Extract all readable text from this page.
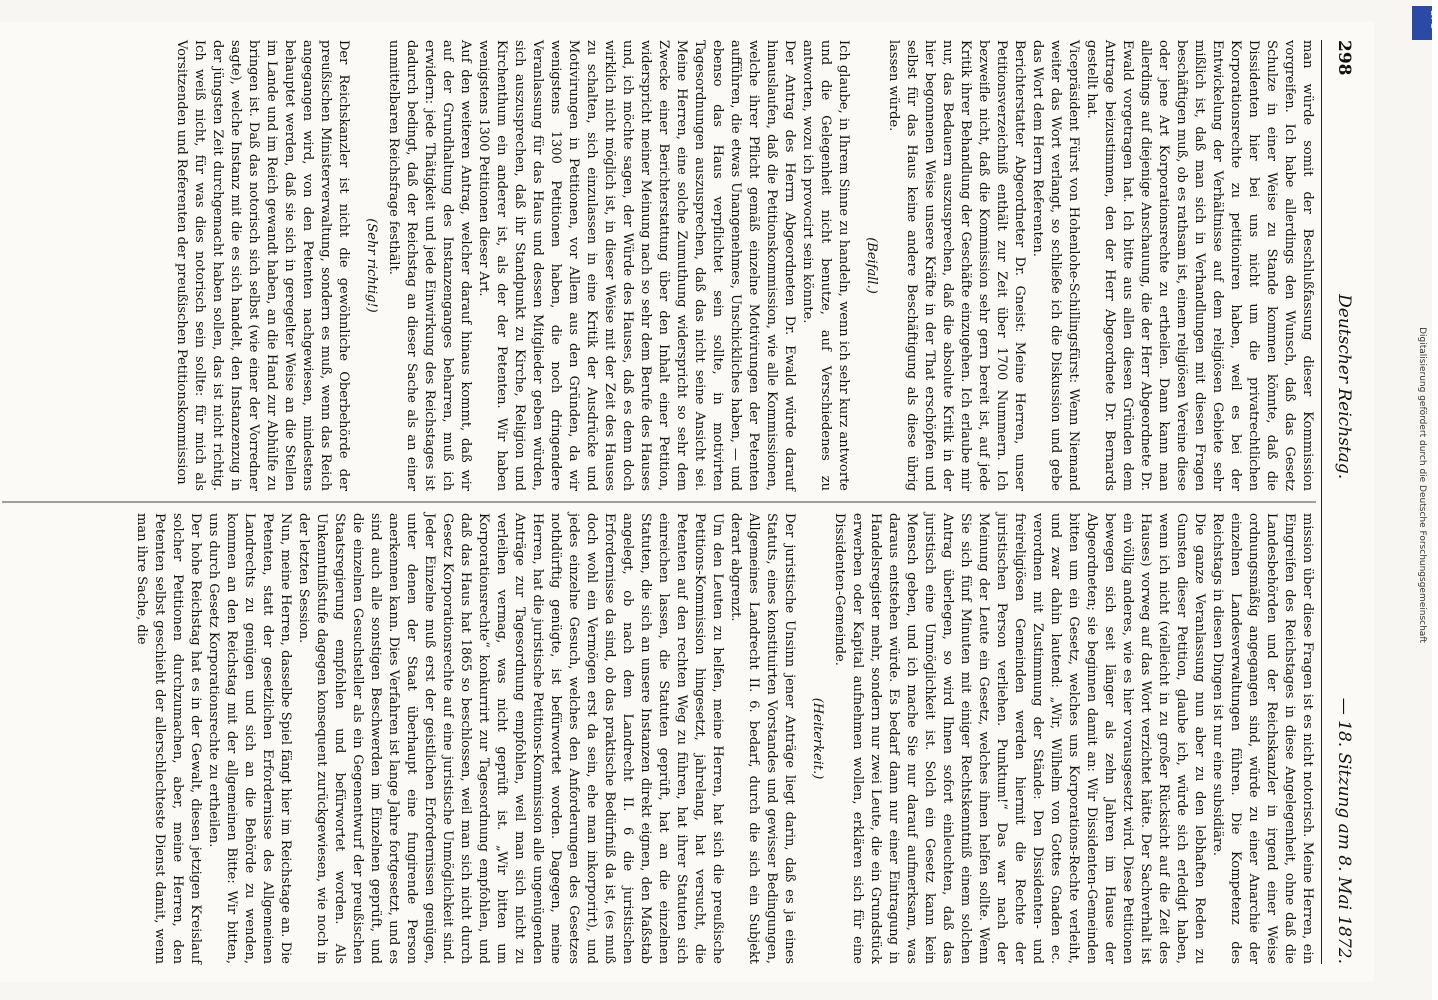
298
Deutscher Reichstag.
— 18. Sitzung am 8. Mai 1872.

man würde somit der Beschlußfassung dieser Kommission vorgreifen. Ich habe allerdings den Wunsch, daß das Gesetz Schulze in einer Weise zu Stande kommen könnte, daß die Dissidenten hier bei uns nicht um die privatrechtlichen Korporationsrechte zu petitioniren haben, weil es bei der Entwickelung der Verhältnisse auf dem religiösen Gebiete sehr mißlich ist, daß man sich in Verhandlungen mit diesen Fragen beschäftigen muß, ob es rathsam ist, einem religiösen Vereine diese oder jene Art Korporationsrechte zu ertheilen. Dann kann man allerdings auf diejenige Anschauung, die der Herr Abgeordnete Dr. Ewald vorgetragen hat. Ich bitte aus allen diesen Gründen dem Antrage beizustimmen, den der Herr Abgeordnete Dr. Bernards gestellt hat.

Vicepräsident Fürst von Hohenlohe-Schillingsfürst: Wenn Niemand weiter das Wort verlangt, so schließe ich die Diskussion und gebe das Wort dem Herrn Referenten.

Berichterstatter Abgeordneter Dr. Gneist: Meine Herren, unser Petitionsverzeichniß enthält zur Zeit über 1700 Nummern. Ich bezweifle nicht, daß die Kommission sehr gern bereit ist, auf jede Kritik ihrer Behandlung der Geschäfte einzugehen. Ich erlaube mir nur, das Bedauern auszusprechen, daß die absolute Kritik in der hier begonnenen Weise unsere Kräfte in der That erschöpfen und selbst für das Haus keine andere Beschäftigung als diese übrig lassen würde.

(Beifall.)

Ich glaube, in Ihrem Sinne zu handeln, wenn ich sehr kurz antworte und die Gelegenheit nicht benutze, auf Verschiedenes zu antworten, wozu ich provocirt sein könnte.

Der Antrag des Herrn Abgeordneten Dr. Ewald würde darauf hinauslaufen, daß die Petitionskommission, wie alle Kommissionen, welche ihrer Pflicht gemäß einzelne Motivirungen der Petenten aufführen, die etwas Unangenehmes, Unschickliches haben, — und ebenso das Haus verpflichtet sein sollte, in motivirten Tagesordnungen auszusprechen, daß das nicht seine Ansicht sei. Meine Herren, eine solche Zumuthung widerspricht so sehr dem Zwecke einer Berichterstattung über den Inhalt einer Petition, widerspricht meiner Meinung nach so sehr dem Berufe des Hauses und, ich möchte sagen, der Würde des Hauses, daß es denn doch wirklich nicht möglich ist, in dieser Weise mit der Zeit des Hauses zu schalten, sich einzulassen in eine Kritik der Ausdrücke und Motivirungen in Petitionen, vor Allem aus den Gründen, da wir wenigstens 1300 Petitionen haben, die noch dringendere Veranlassung für das Haus und dessen Mitglieder geben würden, sich auszusprechen, daß ihr Standpunkt zu Kirche, Religion und Kirchenthum ein anderer ist, als der der Petenten. Wir haben wenigstens 1300 Petitionen dieser Art.

Auf den weiteren Antrag, welcher darauf hinaus kommt, daß wir auf der Grundhaltung des Instanzenganges beharren, muß ich erwidern: jede Thätigkeit und jede Einwirkung des Reichstages ist dadurch bedingt, daß der Reichstag an dieser Sache als an einer unmittelbaren Reichsfrage festhält.

(Sehr richtig!)

Der Reichskanzler ist nicht die gewöhnliche Oberbehörde der preußischen Ministerverwaltung, sondern es muß, wenn das Reich angegangen wird, von den Petenten nachgewiesen, mindestens behauptet werden, daß sie sich in geregelter Weise an die Stellen im Lande und im Reich gewandt haben, an die Hand zur Abhülfe zu bringen ist. Daß das notorisch sich selbst (wie einer der Vorredner sagte), welche Instanz mit die es sich handelt, den Instanzenzug in der jüngsten Zeit durchgemacht haben sollen, das ist nicht richtig. Ich weiß nicht, für was dies notorisch sein sollte: für mich als Vorsitzenden und Referenten der preußischen Petitionskommission

mission über diese Fragen ist es nicht notorisch. Meine Herren, ein Eingreifen des Reichstages in diese Angelegenheit, ohne daß die Landesbehörden und der Reichskanzler in irgend einer Weise ordnungsmäßig angegangen sind, würde zu einer Anarchie der einzelnen Landesverwaltungen führen. Die Kompetenz des Reichstags in diesen Dingen ist nur eine subsidiäre.

Die ganze Veranlassung nun aber zu den lebhaften Reden zu Gunsten dieser Petition, glaube ich, würde sich erledigt haben, wenn ich nicht (vielleicht in zu großer Rücksicht auf die Zeit des Hauses) vorweg auf das Wort verzichtet hätte. Der Sachverhalt ist ein völlig anderes, wie es hier vorausgesetzt wird. Diese Petitionen bewegen sich seit länger als zehn Jahren im Hause der Abgeordneten; sie beginnen damit an: Wir Dissidenten-Gemeinden bitten um ein Gesetz, welches uns Korporations-Rechte verleiht, und zwar dahin lautend: „Wir, Wilhelm von Gottes Gnaden ec. verordnen mit Zustimmung der Stände: Den Dissidenten- und freireligiösen Gemeinden werden hiermit die Rechte der juristischen Person verliehen. Punktum!“ Das war nach der Meinung der Leute ein Gesetz, welches ihnen helfen sollte. Wenn Sie sich fünf Minuten mit einiger Rechtskenntniß einem solchen Antrag überlegen, so wird Ihnen sofort einleuchten, daß das juristisch eine Unmöglichkeit ist. Solch ein Gesetz kann kein Mensch geben, und ich mache Sie nur darauf aufmerksam, was daraus entstehen würde. Es bedarf dann nur einer Eintragung in Handelsregister mehr, sondern nur zwei Leute, die ein Grundstück erwerben oder Kapital aufnehmen wollen, erklären sich für eine Dissidenten-Gemeinde.

(Heiterkeit.)

Der juristische Unsinn jener Anträge liegt darin, daß es ja eines Statuts, eines konstituirten Vorstandes und gewisser Bedingungen, Allgemeines Landrecht II. 6. bedarf, durch die sich ein Subjekt derart abgrenzt.

Um den Leuten zu helfen, meine Herren, hat sich die preußische Petitions-Kommission hingesetzt, jahrelang, hat versucht, die Petenten auf den rechten Weg zu führen, hat ihrer Statuten sich einreichen lassen, die Statuten geprüft, hat an die einzelnen Statuten, die sich an unsere Instanzen direkt eignen, den Maßstab angelegt, ob nach dem Landrecht II. 6 die juristischen Erfordernisse da sind, ob das praktische Bedürfniß da ist, (es muß doch wohl ein Vermögen erst da sein, ehe man inkorporirt), und jedes einzelne Gesuch, welches den Anforderungen des Gesetzes nothdürftig genügte, ist befürwortet worden. Dagegen, meine Herren, hat die juristische Petitions-Kommission alle ungenügenden Anträge zur Tagesordnung empfohlen, weil man sich nicht zu verleihen vermag, was nicht geprüft ist. „Wir bitten um Korporationsrechte“ konkurrirt zur Tagesordnung empfohlen, und daß das Haus hat 1865 so beschlossen, weil man sich nicht durch Gesetz Korporationsrechte auf eine juristische Unmöglichkeit sind. Jeder Einzelne muß erst der geistlichen Erfordernissen genügen, unter denen der Staat überhaupt eine fungirende Person anerkennen kann. Dies Verfahren ist lange Jahre fortgesetzt, und es sind auch alle sonstigen Beschwerden im Einzelnen geprüft, und die einzelnen Gesuchsteller als ein Gegenentwurf der preußischen Staatsregierung empfohlen und befürwortet worden. Als Unkenntnißstufe dagegen konsequent zurückgewiesen, wie noch in der letzten Session.

Nun, meine Herren, dasselbe Spiel fängt hier im Reichstage an. Die Petenten, statt der gesetzlichen Erfordernisse des Allgemeinen Landrechts zu genügen und sich an die Behörde zu wenden, kommen an den Reichstag mit der allgemeinen Bitte: Wir bitten, uns durch Gesetz Korporationsrechte zu ertheilen.

Der hohe Reichstag hat es in der Gewalt, diesen jetzigen Kreislauf solcher Petitionen durchzumachen, aber, meine Herren, den Petenten selbst geschieht der allerschlechteste Dienst damit, wenn man ihre Sache, die

DFG
Digitalisierung gefördert durch die Deutsche Forschungsgemeinschaft
